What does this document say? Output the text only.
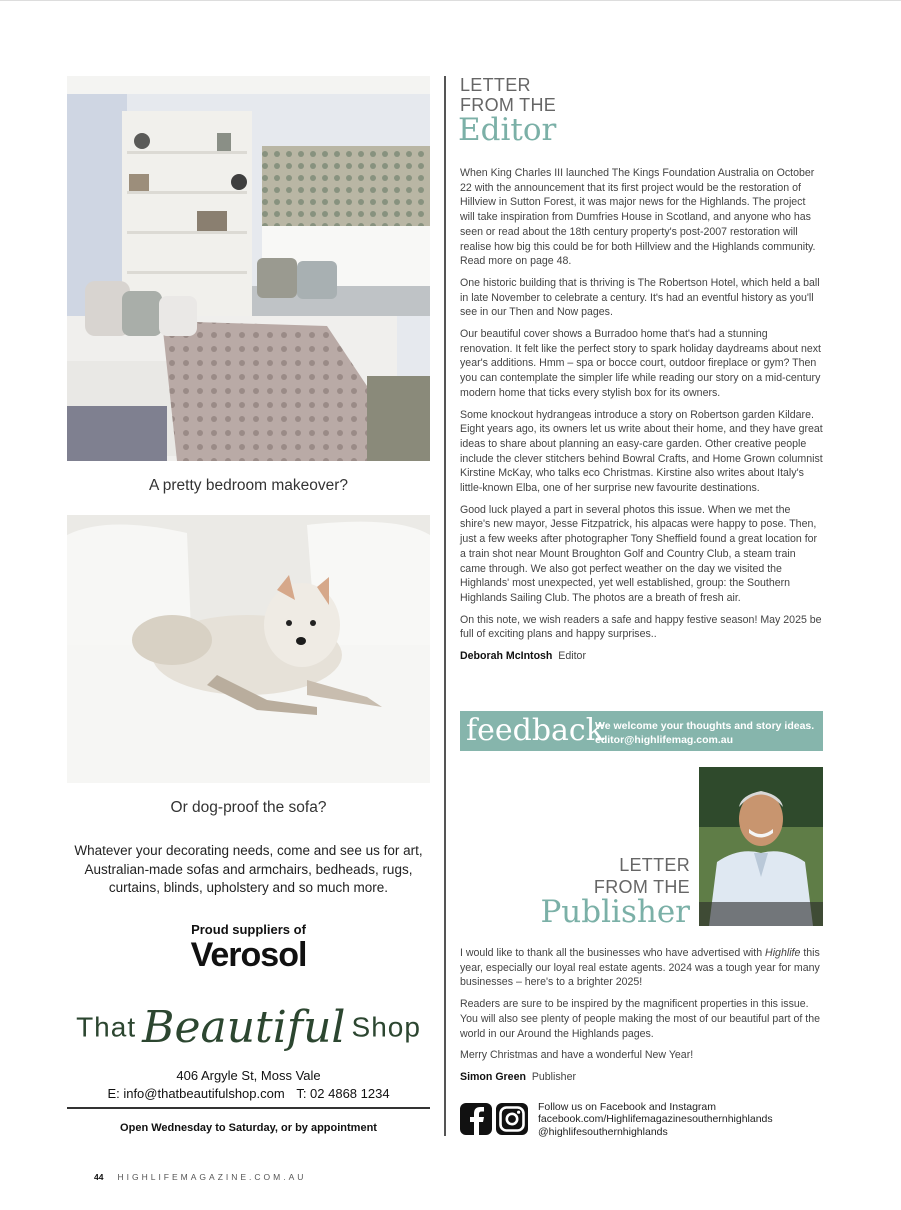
A pretty bedroom makeover?
Or dog-proof the sofa?
Whatever your decorating needs, come and see us for art, Australian-made sofas and armchairs, bedheads, rugs, curtains, blinds, upholstery and so much more.
Proud suppliers of
Verosol
That Beautiful Shop
406 Argyle St, Moss Vale
E: info@thatbeautifulshop.com T: 02 4868 1234
Open Wednesday to Saturday, or by appointment
LETTER
FROM THE
Editor

When King Charles III launched The Kings Foundation Australia on October 22 with the announcement that its first project would be the restoration of Hillview in Sutton Forest, it was major news for the Highlands. The project will take inspiration from Dumfries House in Scotland, and anyone who has seen or read about the 18th century property's post-2007 restoration will realise how big this could be for both Hillview and the Highlands community. Read more on page 48.

One historic building that is thriving is The Robertson Hotel, which held a ball in late November to celebrate a century. It's had an eventful history as you'll see in our Then and Now pages.

Our beautiful cover shows a Burradoo home that's had a stunning renovation. It felt like the perfect story to spark holiday daydreams about next year's additions. Hmm – spa or bocce court, outdoor fireplace or gym? Then you can contemplate the simpler life while reading our story on a mid-century modern home that ticks every stylish box for its owners.

Some knockout hydrangeas introduce a story on Robertson garden Kildare. Eight years ago, its owners let us write about their home, and they have great ideas to share about planning an easy-care garden. Other creative people include the clever stitchers behind Bowral Crafts, and Home Grown columnist Kirstine McKay, who talks eco Christmas. Kirstine also writes about Italy's little-known Elba, one of her surprise new favourite destinations.

Good luck played a part in several photos this issue. When we met the shire's new mayor, Jesse Fitzpatrick, his alpacas were happy to pose. Then, just a few weeks after photographer Tony Sheffield found a great location for a train shot near Mount Broughton Golf and Country Club, a steam train came through. We also got perfect weather on the day we visited the Highlands' most unexpected, yet well established, group: the Southern Highlands Sailing Club. The photos are a breath of fresh air.

On this note, we wish readers a safe and happy festive season! May 2025 be full of exciting plans and happy surprises..

Deborah McIntosh Editor

feedback
We welcome your thoughts and story ideas.
editor@highlifemag.com.au
LETTER
FROM THE
Publisher

I would like to thank all the businesses who have advertised with Highlife this year, especially our loyal real estate agents. 2024 was a tough year for many businesses – here's to a brighter 2025!

Readers are sure to be inspired by the magnificent properties in this issue. You will also see plenty of people making the most of our beautiful part of the world in our Around the Highlands pages.

Merry Christmas and have a wonderful New Year!

Simon Green Publisher

Follow us on Facebook and Instagram
facebook.com/Highlifemagazinesouthernhighlands
@highlifesouthernhighlands
44 HIGHLIFEMAGAZINE.COM.AU
